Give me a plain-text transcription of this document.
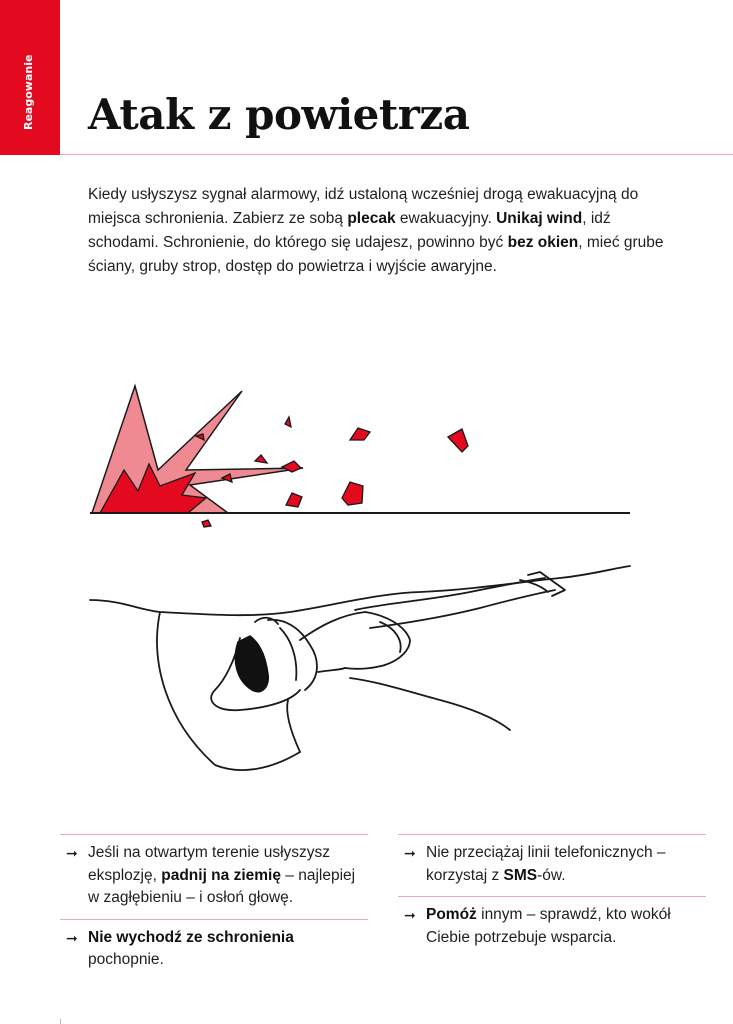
Reagowanie Atak z powietrza

Kiedy usłyszysz sygnał alarmowy, idź ustaloną wcześniej drogą ewakuacyjną do miejsca schronienia. Zabierz ze sobą plecak ewakuacyjny. Unikaj wind, idź schodami. Schronienie, do którego się udajesz, powinno być bez okien, mieć grube ściany, gruby strop, dostęp do powietrza i wyjście awaryjne.

➞ Jeśli na otwartym terenie usłyszysz eksplozję, padnij na ziemię – najlepiej w zagłębieniu – i osłoń głowę.
➞ Nie wychodź ze schronienia pochopnie.
➞ Nie przeciążaj linii telefonicznych – korzystaj z SMS-ów.
➞ Pomóż innym – sprawdź, kto wokół Ciebie potrzebuje wsparcia.
